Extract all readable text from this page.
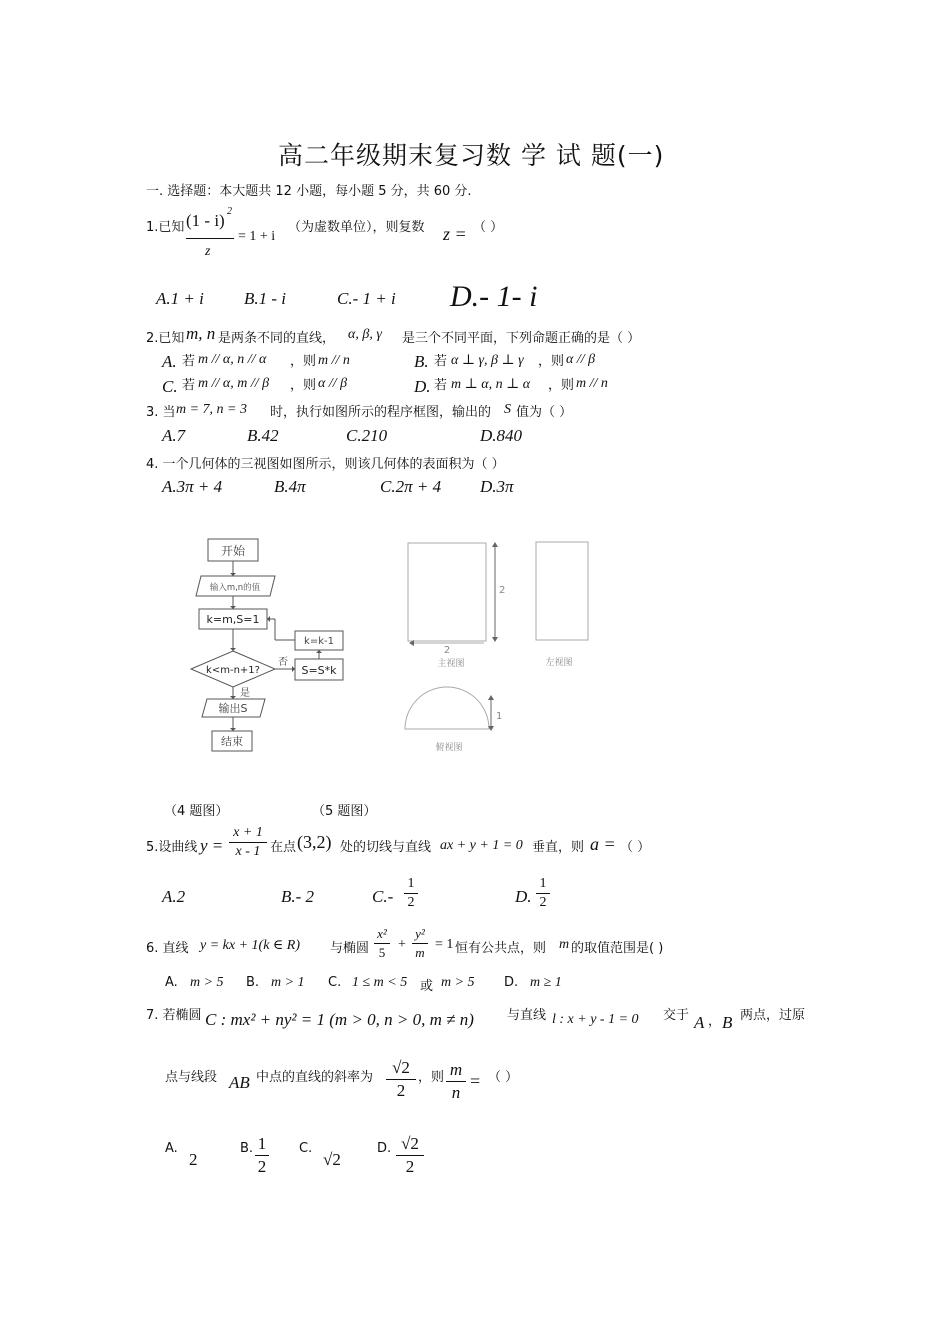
高二年级期末复习数 学 试 题(一)
一. 选择题：本大题共 12 小题，每小题 5 分，共 60 分.
1.已知 (1 - i) 2
z
= 1 + i
（为虚数单位），则复数 z = （ ）
A.1 + i B.1 - i	C.- 1 + i D.- 1- i
2.已知 m, n 是两条不同的直线， α, β, γ 是三个不同平面，下列命题正确的是（ ）
A. 若 m // α, n // α ，则 m // n	B. 若 α ⊥ γ, β ⊥ γ ，则 α // β
C. 若 m // α, m // β ，则 α // β	D. 若 m ⊥ α, n ⊥ α ，则 m // n
3. 当 m = 7, n = 3 时，执行如图所示的程序框图，输出的 S 值为（ ）
A.7	B.42	C.210	D.840
4. 一个几何体的三视图如图所示，则该几何体的表面积为（ ）
A.3π + 4	B.4π	C.2π + 4 D.3π
开始
输入m,n的值
k=m,S=1
k=k-1
k<m-n+1?
否
S=S*k
是
输出S
结束
2
2
主视图	左视图
1
俯视图
（4 题图）	（5 题图）
5.设曲线 y =
x + 1
x - 1 在点 (3,2) 处的切线与直线 ax + y + 1 = 0 垂直，则 a = （ ）
A.2	B.- 2	C.-
1
2	D.
1
2
6. 直线 y = kx + 1(k ∈ R) 与椭圆
x²
5
+
y²
m
= 1 恒有公共点，则 m 的取值范围是( )
A. m > 5 B. m > 1 C. 1 ≤ m < 5 或 m > 5 D. m ≥ 1
7. 若椭圆 C : mx² + ny² = 1 (m > 0, n > 0, m ≠ n)	与直线 l : x + y - 1 = 0 交于 A ， B 两点，过原
点与线段 AB 中点的直线的斜率为
√2
2
，则 m
n
= （ ）
A.
2
B. 1
2
C.
√2
D. √2
2
